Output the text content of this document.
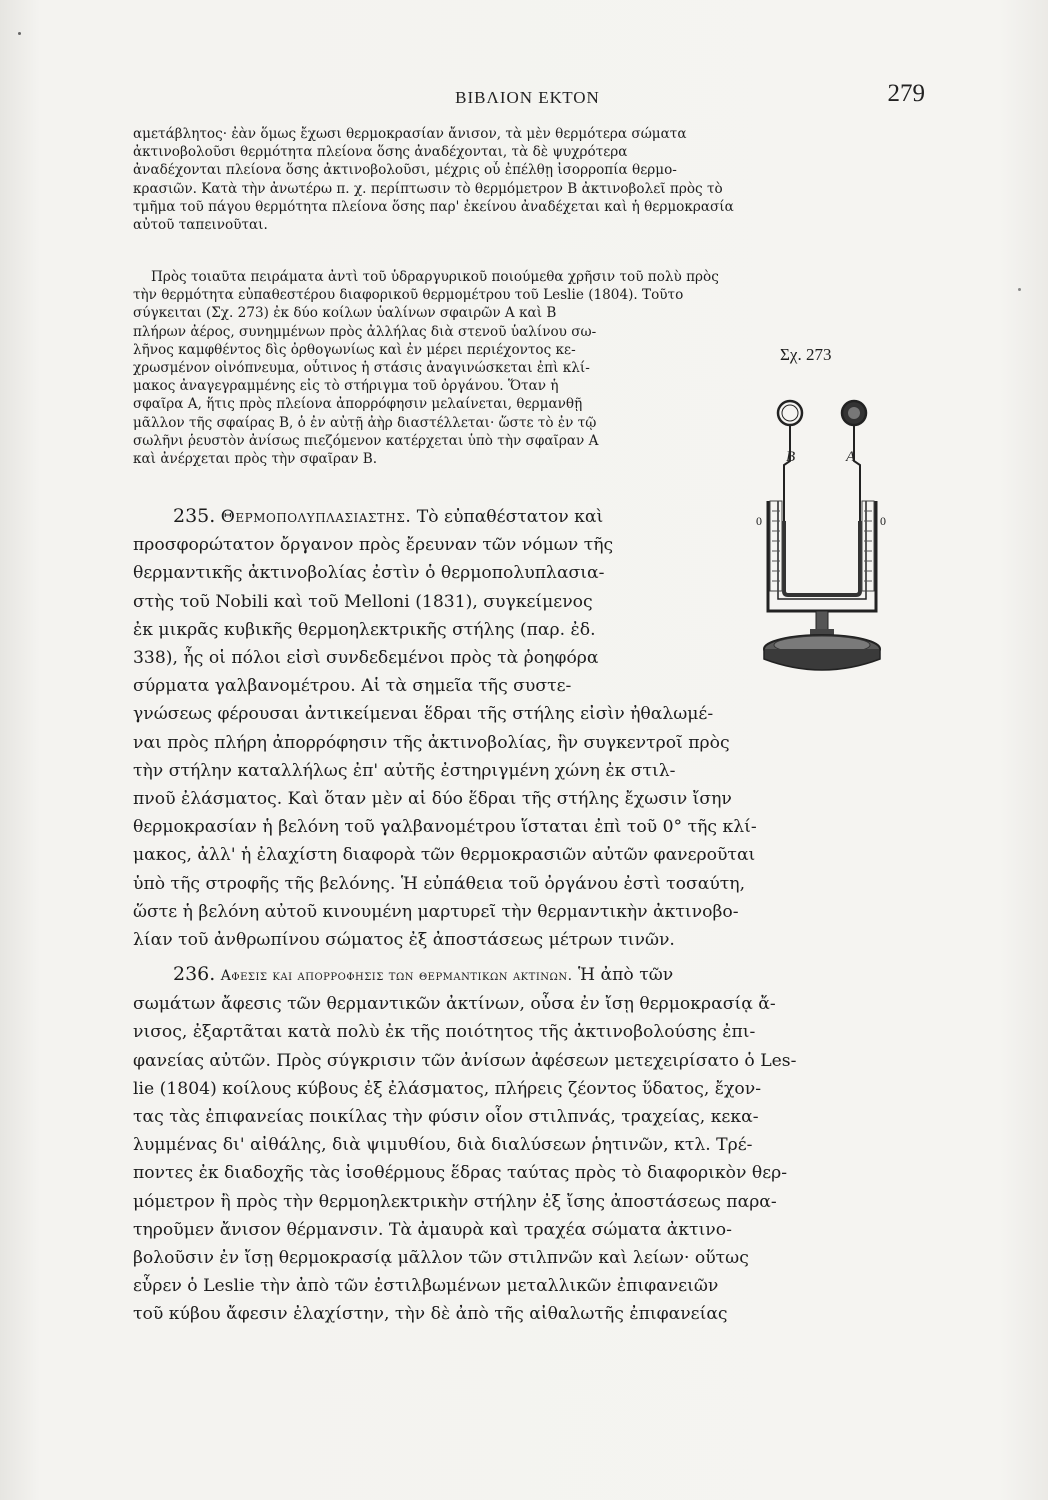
ΒΙΒΛΙΟΝ ΕΚΤΟΝ	279
αμετάβλητος· ἐὰν ὅμως ἔχωσι θερμοκρασίαν ἄνισον, τὰ μὲν θερμότερα σώματα
ἀκτινοβολοῦσι θερμότητα πλείονα ὅσης ἀναδέχονται, τὰ δὲ ψυχρότερα
ἀναδέχονται πλείονα ὅσης ἀκτινοβολοῦσι, μέχρις οὗ ἐπέλθῃ ἰσορροπία θερμο-
κρασιῶν. Κατὰ τὴν ἀνωτέρω π. χ. περίπτωσιν τὸ θερμόμετρον Β ἀκτινοβολεῖ πρὸς τὸ
τμῆμα τοῦ πάγου θερμότητα πλείονα ὅσης παρ' ἐκείνου ἀναδέχεται καὶ ἡ θερμοκρασία
αὐτοῦ ταπεινοῦται.
Πρὸς τοιαῦτα πειράματα ἀντὶ τοῦ ὑδραργυρικοῦ ποιούμεθα χρῆσιν τοῦ πολὺ πρὸς
τὴν θερμότητα εὐπαθεστέρου διαφορικοῦ θερμομέτρου τοῦ Leslie (1804). Τοῦτο
σύγκειται (Σχ. 273) ἐκ δύο κοίλων ὑαλίνων σφαιρῶν Α καὶ Β
πλήρων ἀέρος, συνημμένων πρὸς ἀλλήλας διὰ στενοῦ ὑαλίνου σω-
λῆνος καμφθέντος δὶς ὀρθογωνίως καὶ ἐν μέρει περιέχοντος κε-
χρωσμένον οἰνόπνευμα, οὗτινος ἡ στάσις ἀναγινώσκεται ἐπὶ κλί-
μακος ἀναγεγραμμένης εἰς τὸ στήριγμα τοῦ ὀργάνου. Ὅταν ἡ
σφαῖρα Α, ἥτις πρὸς πλείονα ἀπορρόφησιν μελαίνεται, θερμανθῇ
μᾶλλον τῆς σφαίρας Β, ὁ ἐν αὐτῇ ἀὴρ διαστέλλεται· ὥστε τὸ ἐν τῷ
σωλῆνι ῥευστὸν ἀνίσως πιεζόμενον κατέρχεται ὑπὸ τὴν σφαῖραν Α
καὶ ἀνέρχεται πρὸς τὴν σφαῖραν Β.
Σχ. 273
B	A
0	0
235. Θερμοπολυπλασιαστης. Τὸ εὐπαθέστατον καὶ
προσφορώτατον ὄργανον πρὸς ἔρευναν τῶν νόμων τῆς
θερμαντικῆς ἀκτινοβολίας ἐστὶν ὁ θερμοπολυπλασια-
στὴς τοῦ Nobili καὶ τοῦ Melloni (1831), συγκείμενος
ἐκ μικρᾶς κυβικῆς θερμοηλεκτρικῆς στήλης (παρ. ἐδ.
338), ἧς οἱ πόλοι εἰσὶ συνδεδεμένοι πρὸς τὰ ῥοηφόρα
σύρματα γαλβανομέτρου. Αἱ τὰ σημεῖα τῆς συστε-
γνώσεως φέρουσαι ἀντικείμεναι ἕδραι τῆς στήλης εἰσὶν ἠθαλωμέ-
ναι πρὸς πλήρη ἀπορρόφησιν τῆς ἀκτινοβολίας, ἣν συγκεντροῖ πρὸς
τὴν στήλην καταλλήλως ἐπ' αὐτῆς ἐστηριγμένη χώνη ἐκ στιλ-
πνοῦ ἐλάσματος. Καὶ ὅταν μὲν αἱ δύο ἕδραι τῆς στήλης ἔχωσιν ἴσην
θερμοκρασίαν ἡ βελόνη τοῦ γαλβανομέτρου ἵσταται ἐπὶ τοῦ 0° τῆς κλί-
μακος, ἀλλ' ἡ ἐλαχίστη διαφορὰ τῶν θερμοκρασιῶν αὐτῶν φανεροῦται
ὑπὸ τῆς στροφῆς τῆς βελόνης. Ἡ εὐπάθεια τοῦ ὀργάνου ἐστὶ τοσαύτη,
ὥστε ἡ βελόνη αὐτοῦ κινουμένη μαρτυρεῖ τὴν θερμαντικὴν ἀκτινοβο-
λίαν τοῦ ἀνθρωπίνου σώματος ἐξ ἀποστάσεως μέτρων τινῶν.
236. Αφεσις και απορροφησις των θερμαντικων ακτινων. Ἡ ἀπὸ τῶν
σωμάτων ἄφεσις τῶν θερμαντικῶν ἀκτίνων, οὖσα ἐν ἴσῃ θερμοκρασίᾳ ἄ-
νισος, ἐξαρτᾶται κατὰ πολὺ ἐκ τῆς ποιότητος τῆς ἀκτινοβολούσης ἐπι-
φανείας αὐτῶν. Πρὸς σύγκρισιν τῶν ἀνίσων ἀφέσεων μετεχειρίσατο ὁ Les-
lie (1804) κοίλους κύβους ἐξ ἐλάσματος, πλήρεις ζέοντος ὕδατος, ἔχον-
τας τὰς ἐπιφανείας ποικίλας τὴν φύσιν οἷον στιλπνάς, τραχείας, κεκα-
λυμμένας δι' αἰθάλης, διὰ ψιμυθίου, διὰ διαλύσεων ῥητινῶν, κτλ. Τρέ-
ποντες ἐκ διαδοχῆς τὰς ἰσοθέρμους ἕδρας ταύτας πρὸς τὸ διαφορικὸν θερ-
μόμετρον ἢ πρὸς τὴν θερμοηλεκτρικὴν στήλην ἐξ ἴσης ἀποστάσεως παρα-
τηροῦμεν ἄνισον θέρμανσιν. Τὰ ἀμαυρὰ καὶ τραχέα σώματα ἀκτινο-
βολοῦσιν ἐν ἴσῃ θερμοκρασίᾳ μᾶλλον τῶν στιλπνῶν καὶ λείων· οὕτως
εὗρεν ὁ Leslie τὴν ἀπὸ τῶν ἐστιλβωμένων μεταλλικῶν ἐπιφανειῶν
τοῦ κύβου ἄφεσιν ἐλαχίστην, τὴν δὲ ἀπὸ τῆς αἰθαλωτῆς ἐπιφανείας
